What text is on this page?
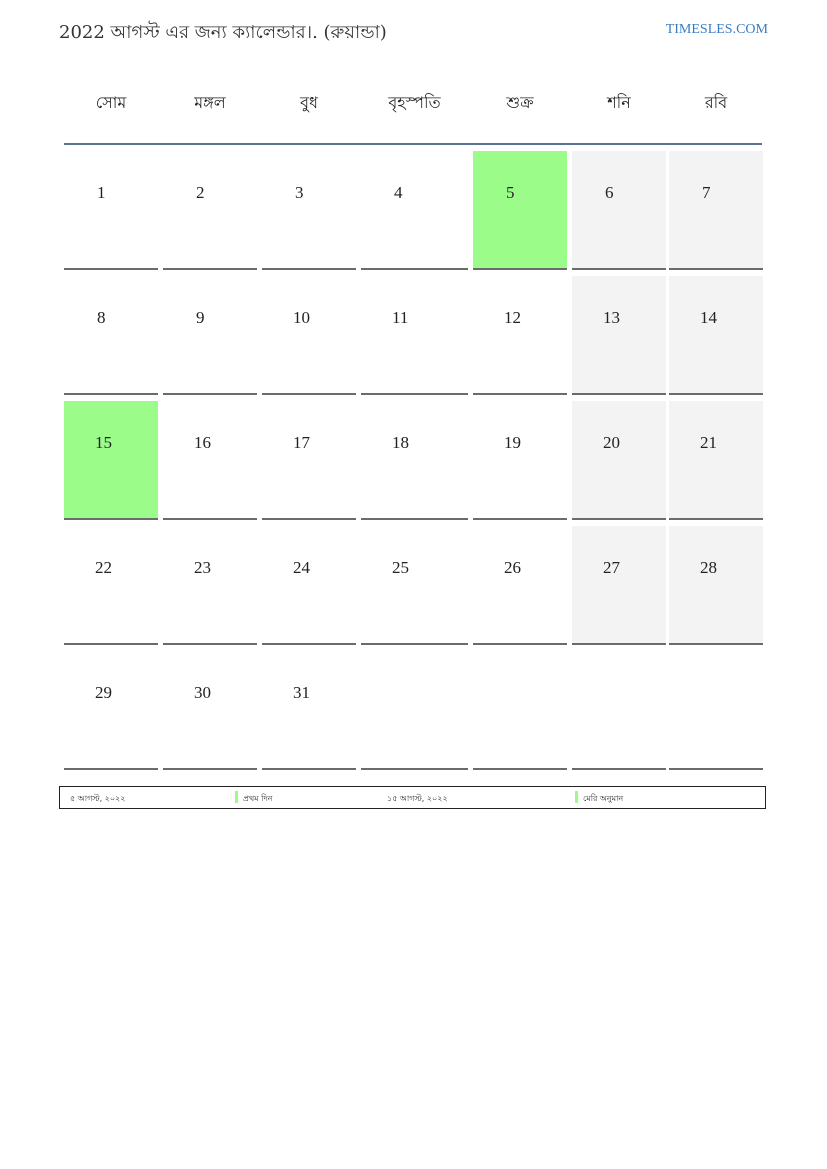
2022 আগস্ট এর জন্য ক্যালেন্ডার।. (রুয়ান্ডা)	TIMESLES.COM
সোম	মঙ্গল	বুধ	বৃহস্পতি	শুক্র	শনি	রবি
1	2	3	4	5	6	7
8	9	10	11	12	13	14
15	16	17	18	19	20	21
22	23	24	25	26	27	28
29	30	31
৫ আগস্ট, ২০২২	প্রথম দিন	১৫ আগস্ট, ২০২২	মেরি অনুমান
